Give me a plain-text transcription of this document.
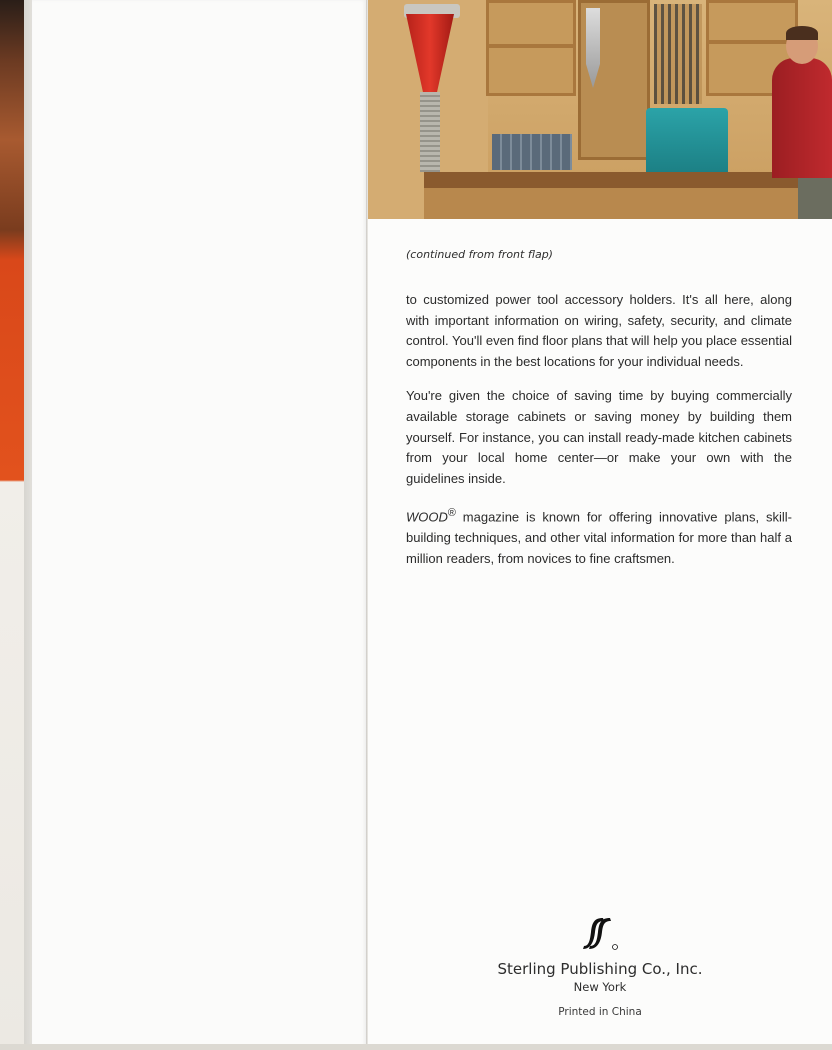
(continued from front flap)

to customized power tool accessory holders. It's all here, along with important information on wiring, safety, security, and climate control. You'll even find floor plans that will help you place essential components in the best locations for your individual needs.

You're given the choice of saving time by buying commercially available storage cabinets or saving money by building them yourself. For instance, you can install ready-made kitchen cabinets from your local home center—or make your own with the guidelines inside.

WOOD® magazine is known for offering innovative plans, skill-building techniques, and other vital information for more than half a million readers, from novices to fine craftsmen.

Sterling Publishing Co., Inc.
New York
Printed in China
